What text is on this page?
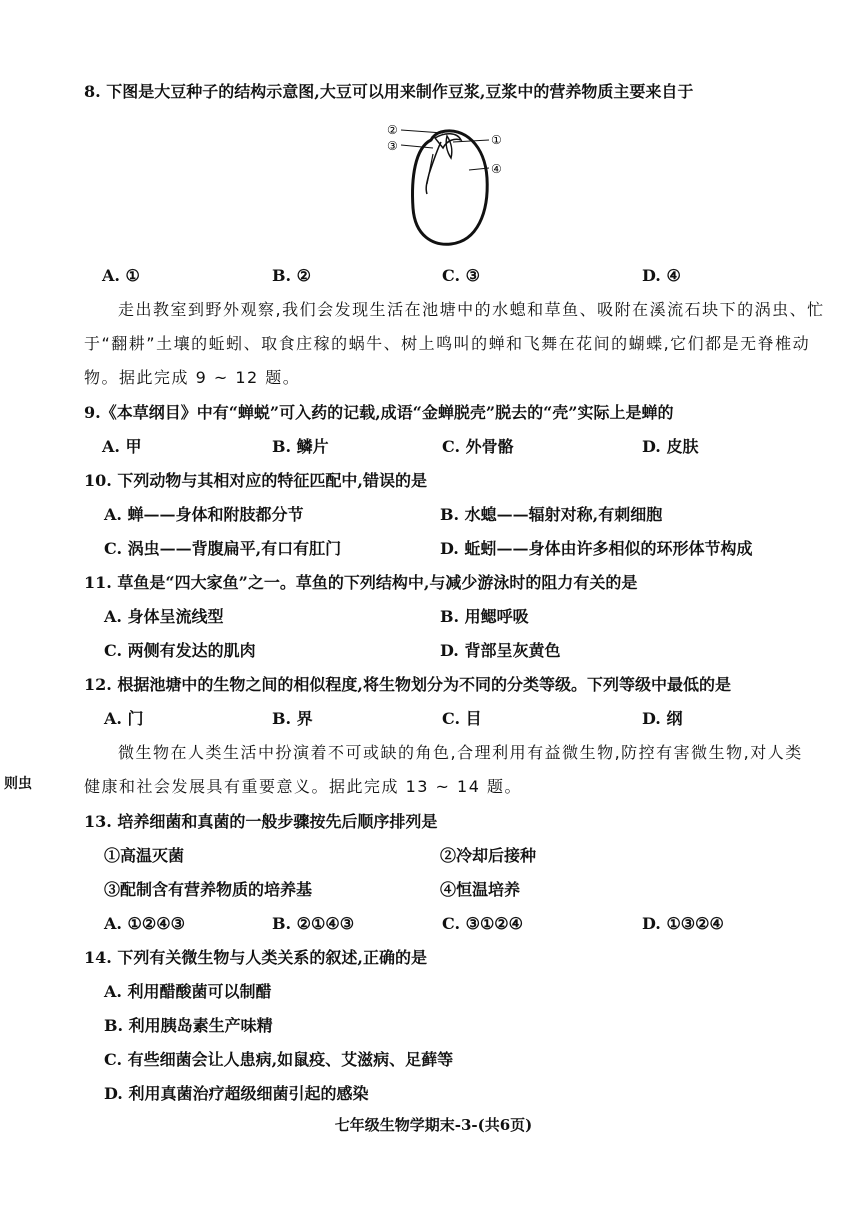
8. 下图是大豆种子的结构示意图,大豆可以用来制作豆浆,豆浆中的营养物质主要来自于
②
③	①
④
A. ①	B. ②	C. ③	D. ④
走出教室到野外观察,我们会发现生活在池塘中的水螅和草鱼、吸附在溪流石块下的涡虫、忙
于“翻耕”土壤的蚯蚓、取食庄稼的蜗牛、树上鸣叫的蝉和飞舞在花间的蝴蝶,它们都是无脊椎动
物。据此完成 9 ~ 12 题。
9.《本草纲目》中有“蝉蜕”可入药的记载,成语“金蝉脱壳”脱去的“壳”实际上是蝉的
A. 甲	B. 鳞片	C. 外骨骼	D. 皮肤
10. 下列动物与其相对应的特征匹配中,错误的是
A. 蝉——身体和附肢都分节	B. 水螅——辐射对称,有刺细胞
C. 涡虫——背腹扁平,有口有肛门	D. 蚯蚓——身体由许多相似的环形体节构成
11. 草鱼是“四大家鱼”之一。草鱼的下列结构中,与减少游泳时的阻力有关的是
A. 身体呈流线型	B. 用鳃呼吸
C. 两侧有发达的肌肉	D. 背部呈灰黄色
12. 根据池塘中的生物之间的相似程度,将生物划分为不同的分类等级。下列等级中最低的是
A. 门	B. 界	C. 目	D. 纲
微生物在人类生活中扮演着不可或缺的角色,合理利用有益微生物,防控有害微生物,对人类
则虫	健康和社会发展具有重要意义。据此完成 13 ~ 14 题。
13. 培养细菌和真菌的一般步骤按先后顺序排列是
①高温灭菌	②冷却后接种
③配制含有营养物质的培养基	④恒温培养
A. ①②④③	B. ②①④③	C. ③①②④	D. ①③②④
14. 下列有关微生物与人类关系的叙述,正确的是
A. 利用醋酸菌可以制醋
B. 利用胰岛素生产味精
C. 有些细菌会让人患病,如鼠疫、艾滋病、足藓等
D. 利用真菌治疗超级细菌引起的感染
七年级生物学期末-3-(共6页)
